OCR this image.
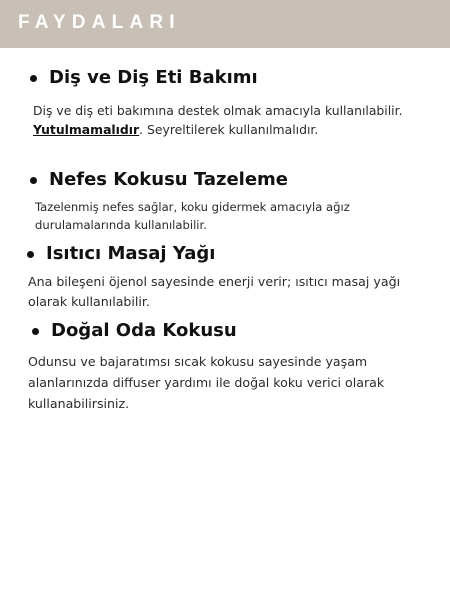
FAYDALARI
Diş ve Diş Eti Bakımı

Diş ve diş eti bakımına destek olmak amacıyla kullanılabilir. Yutulmamalıdır. Seyreltilerek kullanılmalıdır.

Nefes Kokusu Tazeleme

Tazelenmiş nefes sağlar, koku gidermek amacıyla ağız durulamalarında kullanılabilir.

Isıtıcı Masaj Yağı

Ana bileşeni öjenol sayesinde enerji verir; ısıtıcı masaj yağı olarak kullanılabilir.

Doğal Oda Kokusu

Odunsu ve bajaratımsı sıcak kokusu sayesinde yaşam alanlarınızda diffuser yardımı ile doğal koku verici olarak kullanabilirsiniz.
